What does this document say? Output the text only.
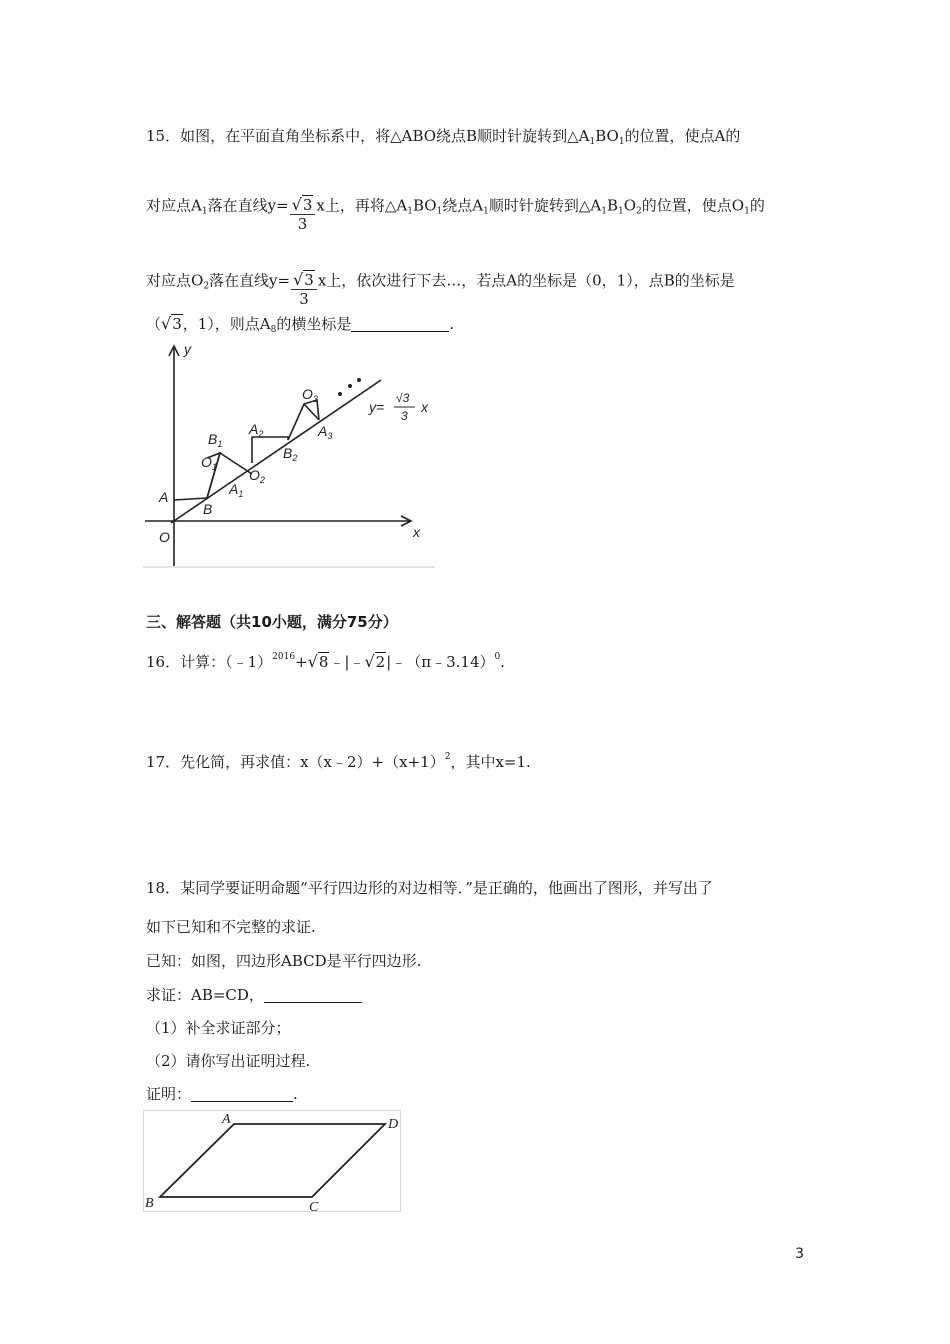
15．如图，在平面直角坐标系中，将△ABO绕点B顺时针旋转到$\triangle A_1BO_1$的位置，使点A的
对应点$A_1$落在直线$y= \frac{√3}{3}$ x上，再将$\triangle A_1BO_1$绕点$A_1$顺时针旋转到$\triangle A_1B_1O_2$的位置，使点$O_1$的
对应点$O_2$落在直线$y= \frac{√3}{3}$ x上，依次进行下去…，若点A的坐标是（0，1），点B的坐标是
（√3，1），则点$A_8$的横坐标是	.
y
x
O
A
B
$A_1$
$B_1$
$O_1$
$A_2$
$O_2$
$B_2$
$O_3$
$A_3$
y=
√3
3
x
三、解答题（共10小题，满分75分）
16．计算：（﹣1）$^{2016}$+√8﹣|﹣√2|﹣（π﹣3.14）$^0$.
17．先化简，再求值：$x(x﹣2)+(x+1)^2$，其中x=1.
18．某同学要证明命题“平行四边形的对边相等．”是正确的，他画出了图形，并写出了
如下已知和不完整的求证.
已知：如图，四边形ABCD是平行四边形.
求证：AB=CD，
（1）补全求证部分；
（2）请你写出证明过程.
证明：	.
A	D
B	C
3
